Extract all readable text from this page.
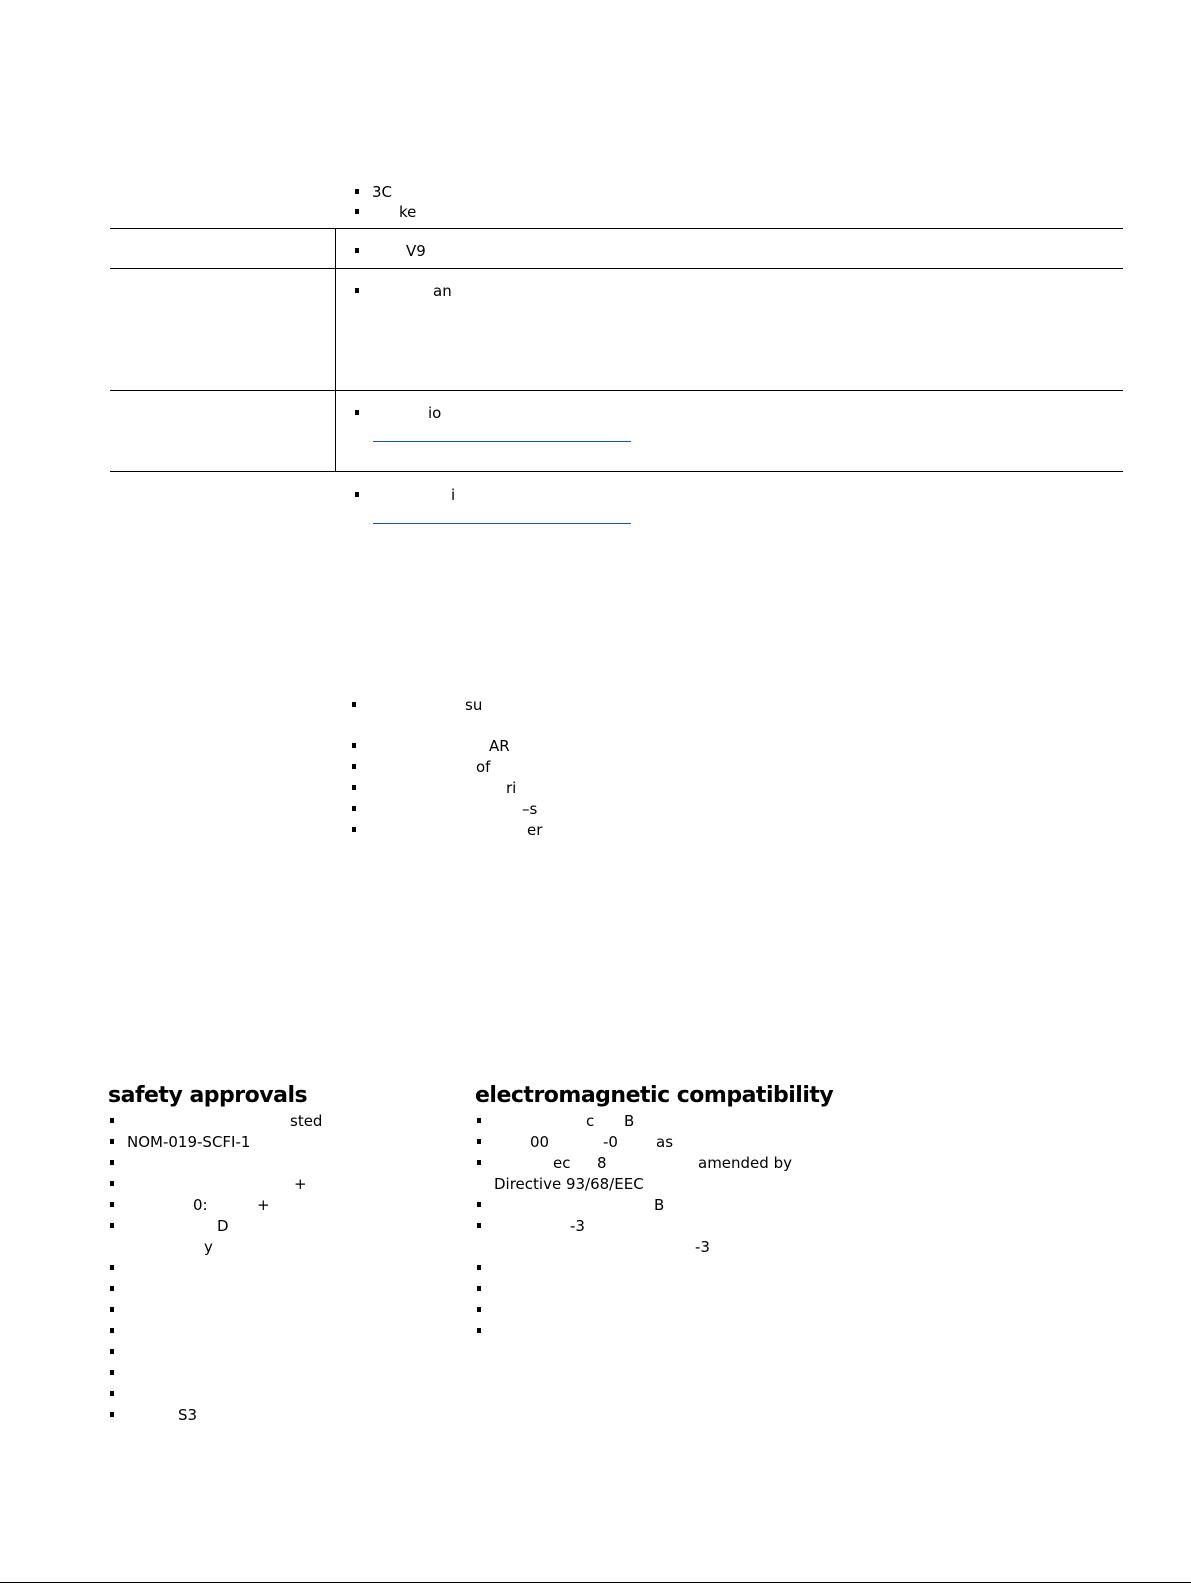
3C
ke
V9
an
io
i
su
AR
of
ri
–s
er
safety approvals
sted
NOM-019-SCFI-1
+
0:	+
D
y
S3
electromagnetic compatibility
c B
00	-0	as
ec 8	amended by
Directive 93/68/EEC
B
-3
-3
